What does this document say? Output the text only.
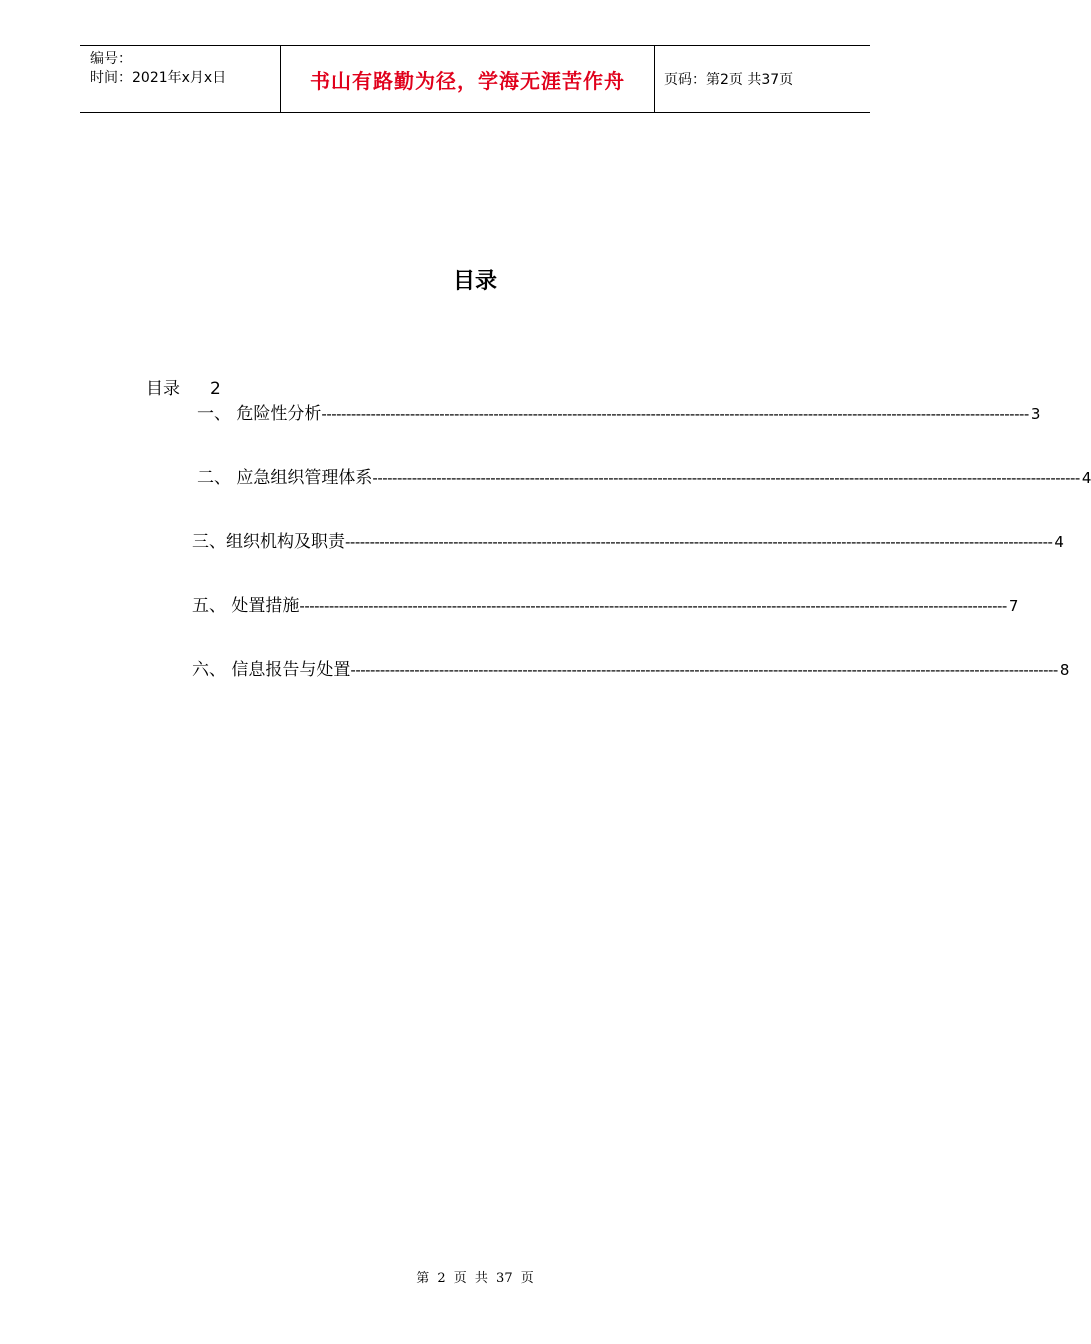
编号：
时间：2021年x月x日	书山有路勤为径，学海无涯苦作舟	页码：第2页 共37页
目录
目录 2
一、 危险性分析 ------------------------------------------------------------------------------------------------------------------------------------------------ 3
二、 应急组织管理体系 ------------------------------------------------------------------------------------------------------------------------------------------------ 4
三、组织机构及职责 ------------------------------------------------------------------------------------------------------------------------------------------------ 4
五、 处置措施 ------------------------------------------------------------------------------------------------------------------------------------------------ 7
六、 信息报告与处置 ------------------------------------------------------------------------------------------------------------------------------------------------ 8
第 2 页 共 37 页
